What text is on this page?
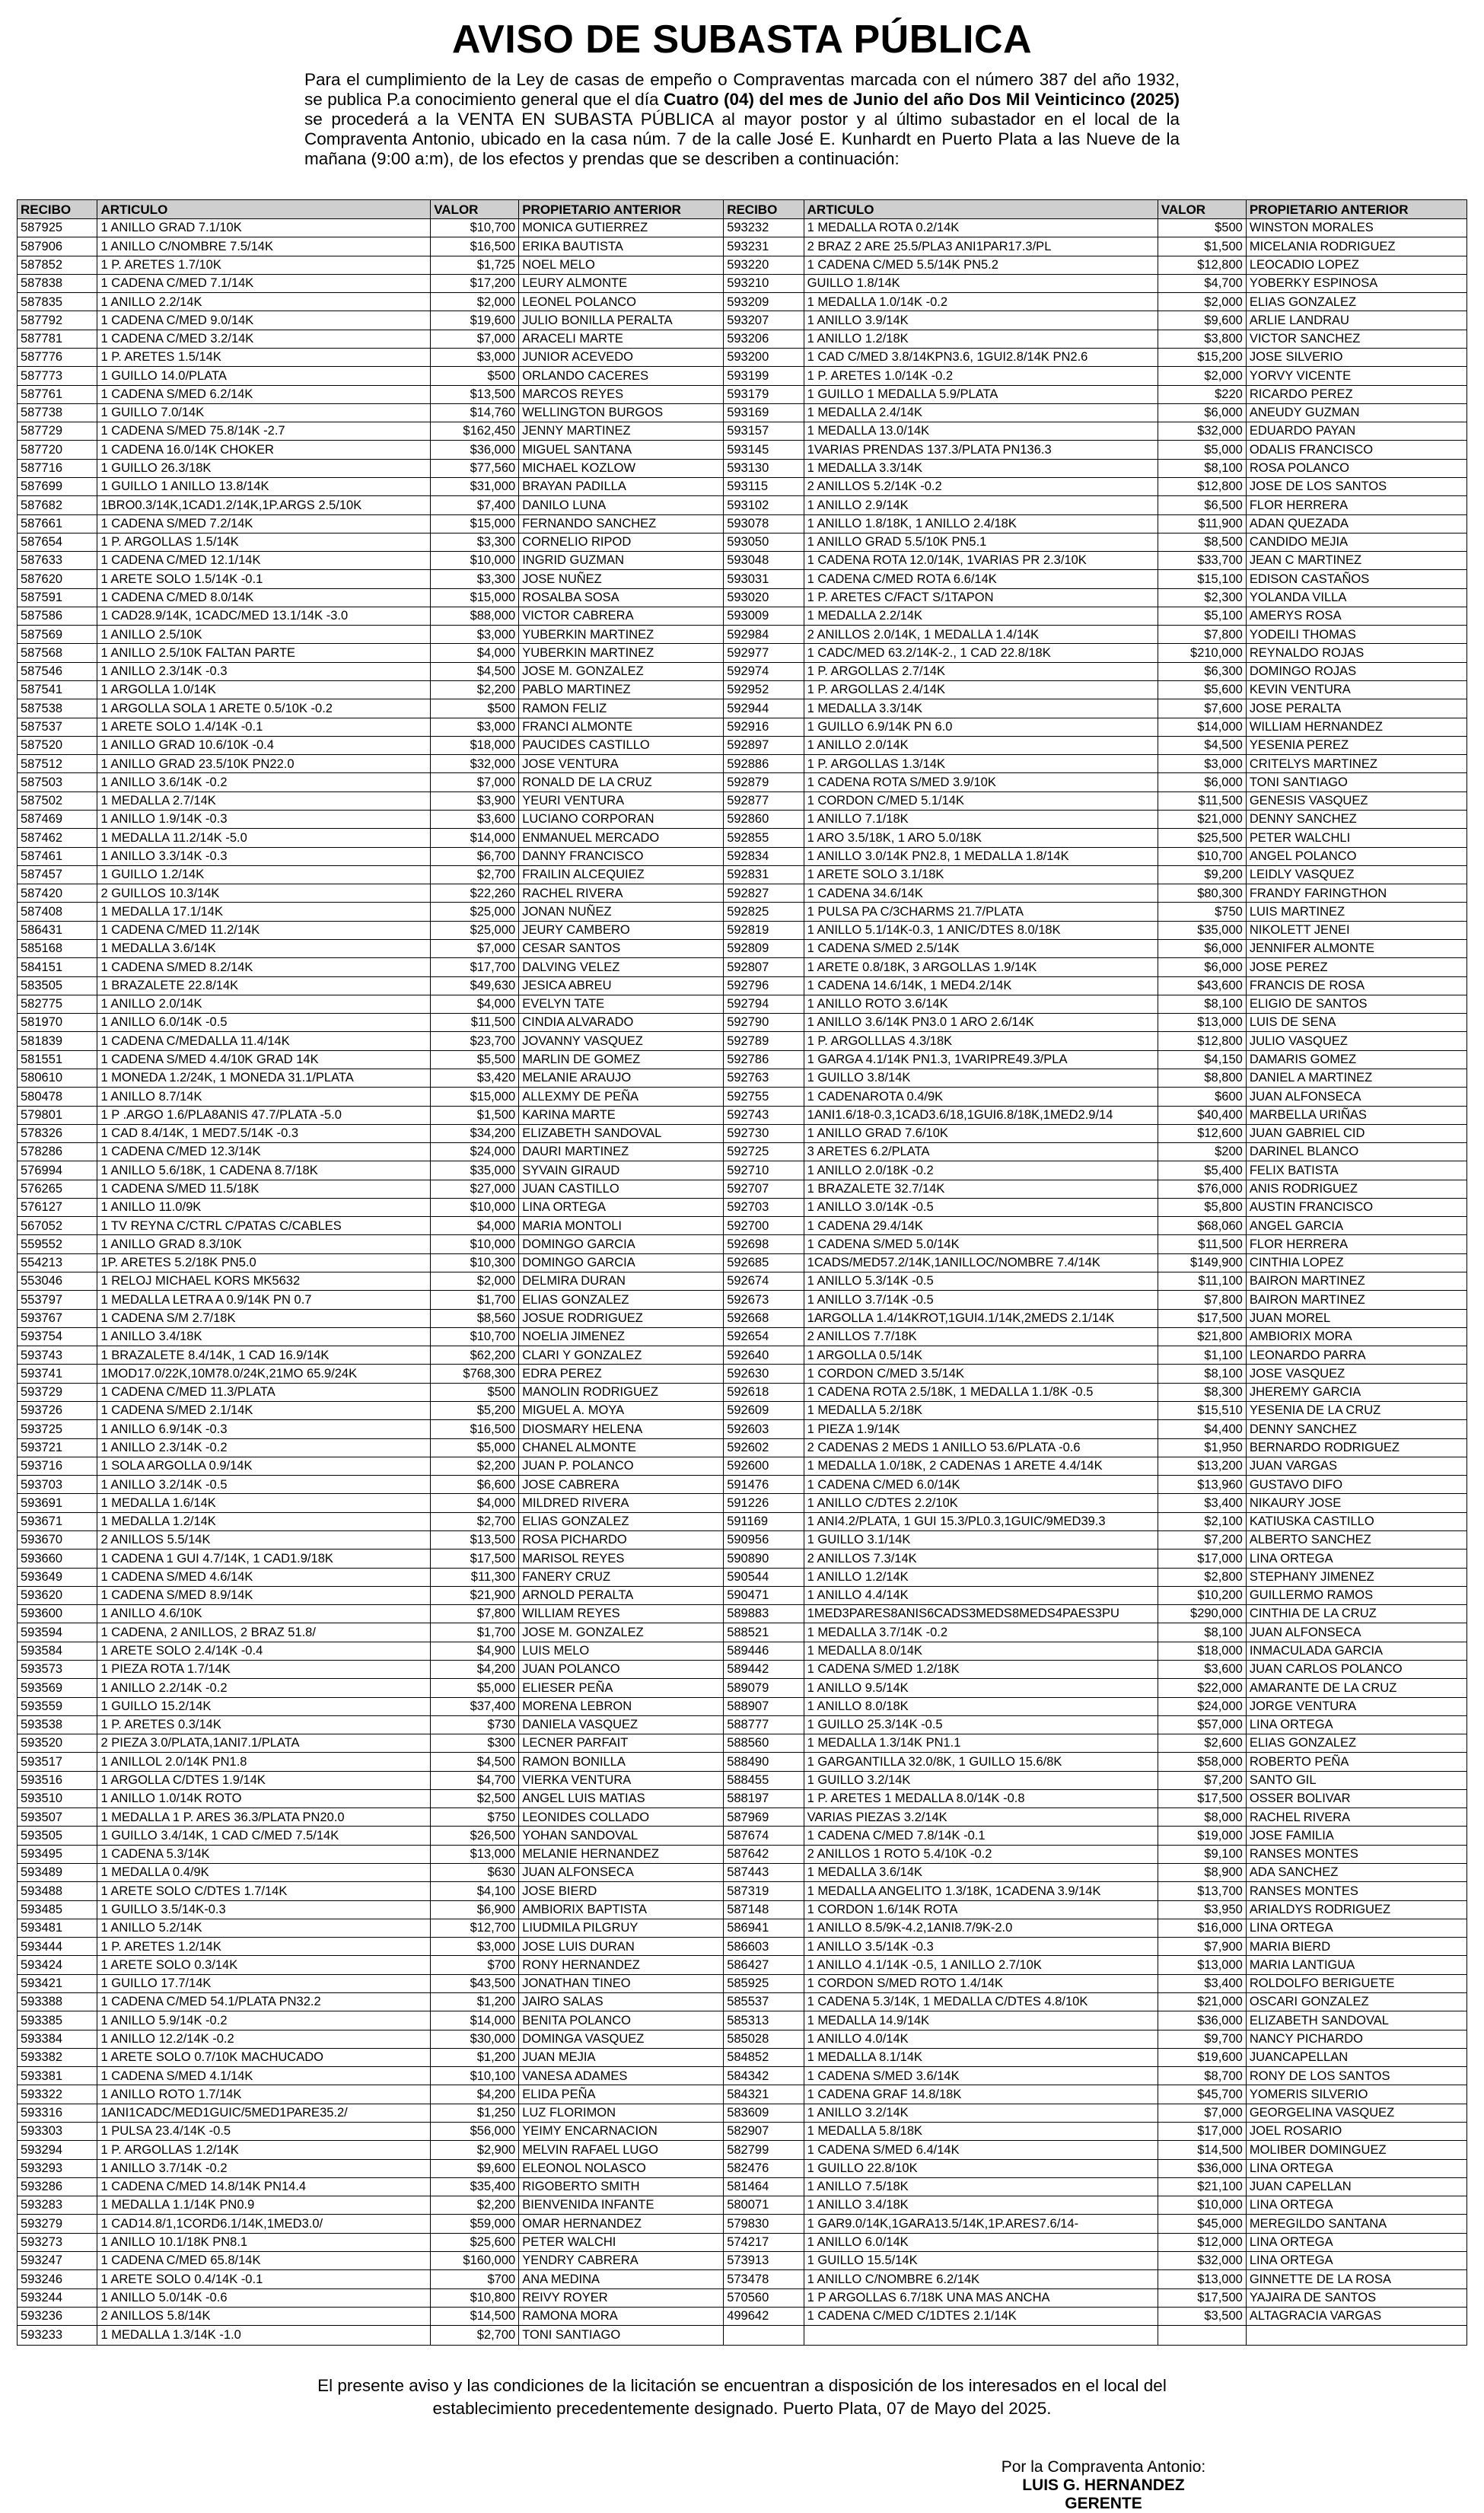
AVISO DE SUBASTA PÚBLICA
Para el cumplimiento de la Ley de casas de empeño o Compraventas marcada con el número 387 del año 1932, se publica P.a conocimiento general que el día Cuatro (04) del mes de Junio del año Dos Mil Veinticinco (2025) se procederá a la VENTA EN SUBASTA PÚBLICA al mayor postor y al último subastador en el local de la Compraventa Antonio, ubicado en la casa núm. 7 de la calle José E. Kunhardt en Puerto Plata a las Nueve de la mañana (9:00 a:m), de los efectos y prendas que se describen a continuación:
RECIBO	ARTICULO	VALOR	PROPIETARIO ANTERIOR	RECIBO	ARTICULO	VALOR	PROPIETARIO ANTERIOR
587925	1 ANILLO GRAD 7.1/10K	$10,700	MONICA GUTIERREZ	593232	1 MEDALLA ROTA 0.2/14K	$500	WINSTON MORALES
587906	1 ANILLO C/NOMBRE 7.5/14K	$16,500	ERIKA BAUTISTA	593231	2 BRAZ 2 ARE 25.5/PLA3 ANI1PAR17.3/PL	$1,500	MICELANIA RODRIGUEZ
587852	1 P. ARETES 1.7/10K	$1,725	NOEL MELO	593220	1 CADENA C/MED 5.5/14K PN5.2	$12,800	LEOCADIO LOPEZ
587838	1 CADENA C/MED 7.1/14K	$17,200	LEURY ALMONTE	593210	GUILLO 1.8/14K	$4,700	YOBERKY ESPINOSA
587835	1 ANILLO 2.2/14K	$2,000	LEONEL POLANCO	593209	1 MEDALLA 1.0/14K -0.2	$2,000	ELIAS GONZALEZ
587792	1 CADENA C/MED 9.0/14K	$19,600	JULIO BONILLA PERALTA	593207	1 ANILLO 3.9/14K	$9,600	ARLIE LANDRAU
587781	1 CADENA C/MED 3.2/14K	$7,000	ARACELI MARTE	593206	1 ANILLO 1.2/18K	$3,800	VICTOR SANCHEZ
587776	1 P. ARETES 1.5/14K	$3,000	JUNIOR ACEVEDO	593200	1 CAD C/MED 3.8/14KPN3.6, 1GUI2.8/14K PN2.6	$15,200	JOSE SILVERIO
587773	1 GUILLO 14.0/PLATA	$500	ORLANDO CACERES	593199	1 P. ARETES 1.0/14K -0.2	$2,000	YORVY VICENTE
587761	1 CADENA S/MED 6.2/14K	$13,500	MARCOS REYES	593179	1 GUILLO 1 MEDALLA 5.9/PLATA	$220	RICARDO PEREZ
587738	1 GUILLO 7.0/14K	$14,760	WELLINGTON BURGOS	593169	1 MEDALLA 2.4/14K	$6,000	ANEUDY GUZMAN
587729	1 CADENA S/MED 75.8/14K -2.7	$162,450	JENNY MARTINEZ	593157	1 MEDALLA 13.0/14K	$32,000	EDUARDO PAYAN
587720	1 CADENA 16.0/14K CHOKER	$36,000	MIGUEL SANTANA	593145	1VARIAS PRENDAS 137.3/PLATA PN136.3	$5,000	ODALIS FRANCISCO
587716	1 GUILLO 26.3/18K	$77,560	MICHAEL KOZLOW	593130	1 MEDALLA 3.3/14K	$8,100	ROSA POLANCO
587699	1 GUILLO 1 ANILLO 13.8/14K	$31,000	BRAYAN PADILLA	593115	2 ANILLOS 5.2/14K -0.2	$12,800	JOSE DE LOS SANTOS
587682	1BRO0.3/14K,1CAD1.2/14K,1P.ARGS 2.5/10K	$7,400	DANILO LUNA	593102	1 ANILLO 2.9/14K	$6,500	FLOR HERRERA
587661	1 CADENA S/MED 7.2/14K	$15,000	FERNANDO SANCHEZ	593078	1 ANILLO 1.8/18K, 1 ANILLO 2.4/18K	$11,900	ADAN QUEZADA
587654	1 P. ARGOLLAS 1.5/14K	$3,300	CORNELIO RIPOD	593050	1 ANILLO GRAD 5.5/10K PN5.1	$8,500	CANDIDO MEJIA
587633	1 CADENA C/MED 12.1/14K	$10,000	INGRID GUZMAN	593048	1 CADENA ROTA 12.0/14K, 1VARIAS PR 2.3/10K	$33,700	JEAN C MARTINEZ
587620	1 ARETE SOLO 1.5/14K -0.1	$3,300	JOSE NUÑEZ	593031	1 CADENA C/MED ROTA 6.6/14K	$15,100	EDISON CASTAÑOS
587591	1 CADENA C/MED 8.0/14K	$15,000	ROSALBA SOSA	593020	1 P. ARETES C/FACT S/1TAPON	$2,300	YOLANDA VILLA
587586	1 CAD28.9/14K, 1CADC/MED 13.1/14K -3.0	$88,000	VICTOR CABRERA	593009	1 MEDALLA 2.2/14K	$5,100	AMERYS ROSA
587569	1 ANILLO 2.5/10K	$3,000	YUBERKIN MARTINEZ	592984	2 ANILLOS 2.0/14K, 1 MEDALLA 1.4/14K	$7,800	YODEILI THOMAS
587568	1 ANILLO 2.5/10K FALTAN PARTE	$4,000	YUBERKIN MARTINEZ	592977	1 CADC/MED 63.2/14K-2., 1 CAD 22.8/18K	$210,000	REYNALDO ROJAS
587546	1 ANILLO 2.3/14K -0.3	$4,500	JOSE M. GONZALEZ	592974	1 P. ARGOLLAS 2.7/14K	$6,300	DOMINGO ROJAS
587541	1 ARGOLLA 1.0/14K	$2,200	PABLO MARTINEZ	592952	1 P. ARGOLLAS 2.4/14K	$5,600	KEVIN VENTURA
587538	1 ARGOLLA SOLA 1 ARETE 0.5/10K -0.2	$500	RAMON FELIZ	592944	1 MEDALLA 3.3/14K	$7,600	JOSE PERALTA
587537	1 ARETE SOLO 1.4/14K -0.1	$3,000	FRANCI ALMONTE	592916	1 GUILLO 6.9/14K PN 6.0	$14,000	WILLIAM HERNANDEZ
587520	1 ANILLO GRAD 10.6/10K -0.4	$18,000	PAUCIDES CASTILLO	592897	1 ANILLO 2.0/14K	$4,500	YESENIA PEREZ
587512	1 ANILLO GRAD 23.5/10K PN22.0	$32,000	JOSE VENTURA	592886	1 P. ARGOLLAS 1.3/14K	$3,000	CRITELYS MARTINEZ
587503	1 ANILLO 3.6/14K -0.2	$7,000	RONALD DE LA CRUZ	592879	1 CADENA ROTA S/MED 3.9/10K	$6,000	TONI SANTIAGO
587502	1 MEDALLA 2.7/14K	$3,900	YEURI VENTURA	592877	1 CORDON C/MED 5.1/14K	$11,500	GENESIS VASQUEZ
587469	1 ANILLO 1.9/14K -0.3	$3,600	LUCIANO CORPORAN	592860	1 ANILLO 7.1/18K	$21,000	DENNY SANCHEZ
587462	1 MEDALLA 11.2/14K -5.0	$14,000	ENMANUEL MERCADO	592855	1 ARO 3.5/18K, 1 ARO 5.0/18K	$25,500	PETER WALCHLI
587461	1 ANILLO 3.3/14K -0.3	$6,700	DANNY FRANCISCO	592834	1 ANILLO 3.0/14K PN2.8, 1 MEDALLA 1.8/14K	$10,700	ANGEL POLANCO
587457	1 GUILLO 1.2/14K	$2,700	FRAILIN ALCEQUIEZ	592831	1 ARETE SOLO 3.1/18K	$9,200	LEIDLY VASQUEZ
587420	2 GUILLOS 10.3/14K	$22,260	RACHEL RIVERA	592827	1 CADENA 34.6/14K	$80,300	FRANDY FARINGTHON
587408	1 MEDALLA 17.1/14K	$25,000	JONAN NUÑEZ	592825	1 PULSA PA C/3CHARMS 21.7/PLATA	$750	LUIS MARTINEZ
586431	1 CADENA C/MED 11.2/14K	$25,000	JEURY CAMBERO	592819	1 ANILLO 5.1/14K-0.3, 1 ANIC/DTES 8.0/18K	$35,000	NIKOLETT JENEI
585168	1 MEDALLA 3.6/14K	$7,000	CESAR SANTOS	592809	1 CADENA S/MED 2.5/14K	$6,000	JENNIFER ALMONTE
584151	1 CADENA S/MED 8.2/14K	$17,700	DALVING VELEZ	592807	1 ARETE 0.8/18K, 3 ARGOLLAS 1.9/14K	$6,000	JOSE PEREZ
583505	1 BRAZALETE 22.8/14K	$49,630	JESICA ABREU	592796	1 CADENA 14.6/14K, 1 MED4.2/14K	$43,600	FRANCIS DE ROSA
582775	1 ANILLO 2.0/14K	$4,000	EVELYN TATE	592794	1 ANILLO ROTO 3.6/14K	$8,100	ELIGIO DE SANTOS
581970	1 ANILLO 6.0/14K -0.5	$11,500	CINDIA ALVARADO	592790	1 ANILLO 3.6/14K PN3.0 1 ARO 2.6/14K	$13,000	LUIS DE SENA
581839	1 CADENA C/MEDALLA 11.4/14K	$23,700	JOVANNY VASQUEZ	592789	1 P. ARGOLLLAS 4.3/18K	$12,800	JULIO VASQUEZ
581551	1 CADENA S/MED 4.4/10K GRAD 14K	$5,500	MARLIN DE GOMEZ	592786	1 GARGA 4.1/14K PN1.3, 1VARIPRE49.3/PLA	$4,150	DAMARIS GOMEZ
580610	1 MONEDA 1.2/24K, 1 MONEDA 31.1/PLATA	$3,420	MELANIE ARAUJO	592763	1 GUILLO 3.8/14K	$8,800	DANIEL A MARTINEZ
580478	1 ANILLO 8.7/14K	$15,000	ALLEXMY DE PEÑA	592755	1 CADENAROTA 0.4/9K	$600	JUAN ALFONSECA
579801	1 P .ARGO 1.6/PLA8ANIS 47.7/PLATA -5.0	$1,500	KARINA MARTE	592743	1ANI1.6/18-0.3,1CAD3.6/18,1GUI6.8/18K,1MED2.9/14	$40,400	MARBELLA URIÑAS
578326	1 CAD 8.4/14K, 1 MED7.5/14K -0.3	$34,200	ELIZABETH SANDOVAL	592730	1 ANILLO GRAD 7.6/10K	$12,600	JUAN GABRIEL CID
578286	1 CADENA C/MED 12.3/14K	$24,000	DAURI MARTINEZ	592725	3 ARETES 6.2/PLATA	$200	DARINEL BLANCO
576994	1 ANILLO 5.6/18K, 1 CADENA 8.7/18K	$35,000	SYVAIN GIRAUD	592710	1 ANILLO 2.0/18K -0.2	$5,400	FELIX BATISTA
576265	1 CADENA S/MED 11.5/18K	$27,000	JUAN CASTILLO	592707	1 BRAZALETE 32.7/14K	$76,000	ANIS RODRIGUEZ
576127	1 ANILLO 11.0/9K	$10,000	LINA ORTEGA	592703	1 ANILLO 3.0/14K -0.5	$5,800	AUSTIN FRANCISCO
567052	1 TV REYNA C/CTRL C/PATAS C/CABLES	$4,000	MARIA MONTOLI	592700	1 CADENA 29.4/14K	$68,060	ANGEL GARCIA
559552	1 ANILLO GRAD 8.3/10K	$10,000	DOMINGO GARCIA	592698	1 CADENA S/MED 5.0/14K	$11,500	FLOR HERRERA
554213	1P. ARETES 5.2/18K PN5.0	$10,300	DOMINGO GARCIA	592685	1CADS/MED57.2/14K,1ANILLOC/NOMBRE 7.4/14K	$149,900	CINTHIA LOPEZ
553046	1 RELOJ MICHAEL KORS MK5632	$2,000	DELMIRA DURAN	592674	1 ANILLO 5.3/14K -0.5	$11,100	BAIRON MARTINEZ
553797	1 MEDALLA LETRA A 0.9/14K PN 0.7	$1,700	ELIAS GONZALEZ	592673	1 ANILLO 3.7/14K -0.5	$7,800	BAIRON MARTINEZ
593767	1 CADENA S/M 2.7/18K	$8,560	JOSUE RODRIGUEZ	592668	1ARGOLLA 1.4/14KROT,1GUI4.1/14K,2MEDS 2.1/14K	$17,500	JUAN MOREL
593754	1 ANILLO 3.4/18K	$10,700	NOELIA JIMENEZ	592654	2 ANILLOS 7.7/18K	$21,800	AMBIORIX MORA
593743	1 BRAZALETE 8.4/14K, 1 CAD 16.9/14K	$62,200	CLARI Y GONZALEZ	592640	1 ARGOLLA 0.5/14K	$1,100	LEONARDO PARRA
593741	1MOD17.0/22K,10M78.0/24K,21MO 65.9/24K	$768,300	EDRA PEREZ	592630	1 CORDON C/MED 3.5/14K	$8,100	JOSE VASQUEZ
593729	1 CADENA C/MED 11.3/PLATA	$500	MANOLIN RODRIGUEZ	592618	1 CADENA ROTA 2.5/18K, 1 MEDALLA 1.1/8K -0.5	$8,300	JHEREMY GARCIA
593726	1 CADENA S/MED 2.1/14K	$5,200	MIGUEL A. MOYA	592609	1 MEDALLA 5.2/18K	$15,510	YESENIA DE LA CRUZ
593725	1 ANILLO 6.9/14K -0.3	$16,500	DIOSMARY HELENA	592603	1 PIEZA 1.9/14K	$4,400	DENNY SANCHEZ
593721	1 ANILLO 2.3/14K -0.2	$5,000	CHANEL ALMONTE	592602	2 CADENAS 2 MEDS 1 ANILLO 53.6/PLATA -0.6	$1,950	BERNARDO RODRIGUEZ
593716	1 SOLA ARGOLLA 0.9/14K	$2,200	JUAN P. POLANCO	592600	1 MEDALLA 1.0/18K, 2 CADENAS 1 ARETE 4.4/14K	$13,200	JUAN VARGAS
593703	1 ANILLO 3.2/14K -0.5	$6,600	JOSE CABRERA	591476	1 CADENA C/MED 6.0/14K	$13,960	GUSTAVO DIFO
593691	1 MEDALLA 1.6/14K	$4,000	MILDRED RIVERA	591226	1 ANILLO C/DTES 2.2/10K	$3,400	NIKAURY JOSE
593671	1 MEDALLA 1.2/14K	$2,700	ELIAS GONZALEZ	591169	1 ANI4.2/PLATA, 1 GUI 15.3/PL0.3,1GUIC/9MED39.3	$2,100	KATIUSKA CASTILLO
593670	2 ANILLOS 5.5/14K	$13,500	ROSA PICHARDO	590956	1 GUILLO 3.1/14K	$7,200	ALBERTO SANCHEZ
593660	1 CADENA 1 GUI 4.7/14K, 1 CAD1.9/18K	$17,500	MARISOL REYES	590890	2 ANILLOS 7.3/14K	$17,000	LINA ORTEGA
593649	1 CADENA S/MED 4.6/14K	$11,300	FANERY CRUZ	590544	1 ANILLO 1.2/14K	$2,800	STEPHANY JIMENEZ
593620	1 CADENA S/MED 8.9/14K	$21,900	ARNOLD PERALTA	590471	1 ANILLO 4.4/14K	$10,200	GUILLERMO RAMOS
593600	1 ANILLO 4.6/10K	$7,800	WILLIAM REYES	589883	1MED3PARES8ANIS6CADS3MEDS8MEDS4PAES3PU	$290,000	CINTHIA DE LA CRUZ
593594	1 CADENA, 2 ANILLOS, 2 BRAZ 51.8/	$1,700	JOSE M. GONZALEZ	588521	1 MEDALLA 3.7/14K -0.2	$8,100	JUAN ALFONSECA
593584	1 ARETE SOLO 2.4/14K -0.4	$4,900	LUIS MELO	589446	1 MEDALLA 8.0/14K	$18,000	INMACULADA GARCIA
593573	1 PIEZA ROTA 1.7/14K	$4,200	JUAN POLANCO	589442	1 CADENA S/MED 1.2/18K	$3,600	JUAN CARLOS POLANCO
593569	1 ANILLO 2.2/14K -0.2	$5,000	ELIESER PEÑA	589079	1 ANILLO 9.5/14K	$22,000	AMARANTE DE LA CRUZ
593559	1 GUILLO 15.2/14K	$37,400	MORENA LEBRON	588907	1 ANILLO 8.0/18K	$24,000	JORGE VENTURA
593538	1 P. ARETES 0.3/14K	$730	DANIELA VASQUEZ	588777	1 GUILLO 25.3/14K -0.5	$57,000	LINA ORTEGA
593520	2 PIEZA 3.0/PLATA,1ANI7.1/PLATA	$300	LECNER PARFAIT	588560	1 MEDALLA 1.3/14K PN1.1	$2,600	ELIAS GONZALEZ
593517	1 ANILLOL 2.0/14K PN1.8	$4,500	RAMON BONILLA	588490	1 GARGANTILLA 32.0/8K, 1 GUILLO 15.6/8K	$58,000	ROBERTO PEÑA
593516	1 ARGOLLA C/DTES 1.9/14K	$4,700	VIERKA VENTURA	588455	1 GUILLO 3.2/14K	$7,200	SANTO GIL
593510	1 ANILLO 1.0/14K ROTO	$2,500	ANGEL LUIS MATIAS	588197	1 P. ARETES 1 MEDALLA 8.0/14K -0.8	$17,500	OSSER BOLIVAR
593507	1 MEDALLA 1 P. ARES 36.3/PLATA PN20.0	$750	LEONIDES COLLADO	587969	VARIAS PIEZAS 3.2/14K	$8,000	RACHEL RIVERA
593505	1 GUILLO 3.4/14K, 1 CAD C/MED 7.5/14K	$26,500	YOHAN SANDOVAL	587674	1 CADENA C/MED 7.8/14K -0.1	$19,000	JOSE FAMILIA
593495	1 CADENA 5.3/14K	$13,000	MELANIE HERNANDEZ	587642	2 ANILLOS 1 ROTO 5.4/10K -0.2	$9,100	RANSES MONTES
593489	1 MEDALLA 0.4/9K	$630	JUAN ALFONSECA	587443	1 MEDALLA 3.6/14K	$8,900	ADA SANCHEZ
593488	1 ARETE SOLO C/DTES 1.7/14K	$4,100	JOSE BIERD	587319	1 MEDALLA ANGELITO 1.3/18K, 1CADENA 3.9/14K	$13,700	RANSES MONTES
593485	1 GUILLO 3.5/14K-0.3	$6,900	AMBIORIX BAPTISTA	587148	1 CORDON 1.6/14K ROTA	$3,950	ARIALDYS RODRIGUEZ
593481	1 ANILLO 5.2/14K	$12,700	LIUDMILA PILGRUY	586941	1 ANILLO 8.5/9K-4.2,1ANI8.7/9K-2.0	$16,000	LINA ORTEGA
593444	1 P. ARETES 1.2/14K	$3,000	JOSE LUIS DURAN	586603	1 ANILLO 3.5/14K -0.3	$7,900	MARIA BIERD
593424	1 ARETE SOLO 0.3/14K	$700	RONY HERNANDEZ	586427	1 ANILLO 4.1/14K -0.5, 1 ANILLO 2.7/10K	$13,000	MARIA LANTIGUA
593421	1 GUILLO 17.7/14K	$43,500	JONATHAN TINEO	585925	1 CORDON S/MED ROTO 1.4/14K	$3,400	ROLDOLFO BERIGUETE
593388	1 CADENA C/MED 54.1/PLATA PN32.2	$1,200	JAIRO SALAS	585537	1 CADENA 5.3/14K, 1 MEDALLA C/DTES 4.8/10K	$21,000	OSCARI GONZALEZ
593385	1 ANILLO 5.9/14K -0.2	$14,000	BENITA POLANCO	585313	1 MEDALLA 14.9/14K	$36,000	ELIZABETH SANDOVAL
593384	1 ANILLO 12.2/14K -0.2	$30,000	DOMINGA VASQUEZ	585028	1 ANILLO 4.0/14K	$9,700	NANCY PICHARDO
593382	1 ARETE SOLO 0.7/10K MACHUCADO	$1,200	JUAN MEJIA	584852	1 MEDALLA 8.1/14K	$19,600	JUANCAPELLAN
593381	1 CADENA S/MED 4.1/14K	$10,100	VANESA ADAMES	584342	1 CADENA S/MED 3.6/14K	$8,700	RONY DE LOS SANTOS
593322	1 ANILLO ROTO 1.7/14K	$4,200	ELIDA PEÑA	584321	1 CADENA GRAF 14.8/18K	$45,700	YOMERIS SILVERIO
593316	1ANI1CADC/MED1GUIC/5MED1PARE35.2/	$1,250	LUZ FLORIMON	583609	1 ANILLO 3.2/14K	$7,000	GEORGELINA VASQUEZ
593303	1 PULSA 23.4/14K -0.5	$56,000	YEIMY ENCARNACION	582907	1 MEDALLA 5.8/18K	$17,000	JOEL ROSARIO
593294	1 P. ARGOLLAS 1.2/14K	$2,900	MELVIN RAFAEL LUGO	582799	1 CADENA S/MED 6.4/14K	$14,500	MOLIBER DOMINGUEZ
593293	1 ANILLO 3.7/14K -0.2	$9,600	ELEONOL NOLASCO	582476	1 GUILLO 22.8/10K	$36,000	LINA ORTEGA
593286	1 CADENA C/MED 14.8/14K PN14.4	$35,400	RIGOBERTO SMITH	581464	1 ANILLO 7.5/18K	$21,100	JUAN CAPELLAN
593283	1 MEDALLA 1.1/14K PN0.9	$2,200	BIENVENIDA INFANTE	580071	1 ANILLO 3.4/18K	$10,000	LINA ORTEGA
593279	1 CAD14.8/1,1CORD6.1/14K,1MED3.0/	$59,000	OMAR HERNANDEZ	579830	1 GAR9.0/14K,1GARA13.5/14K,1P.ARES7.6/14-	$45,000	MEREGILDO SANTANA
593273	1 ANILLO 10.1/18K PN8.1	$25,600	PETER WALCHI	574217	1 ANILLO 6.0/14K	$12,000	LINA ORTEGA
593247	1 CADENA C/MED 65.8/14K	$160,000	YENDRY CABRERA	573913	1 GUILLO 15.5/14K	$32,000	LINA ORTEGA
593246	1 ARETE SOLO 0.4/14K -0.1	$700	ANA MEDINA	573478	1 ANILLO C/NOMBRE 6.2/14K	$13,000	GINNETTE DE LA ROSA
593244	1 ANILLO 5.0/14K -0.6	$10,800	REIVY ROYER	570560	1 P ARGOLLAS 6.7/18K UNA MAS ANCHA	$17,500	YAJAIRA DE SANTOS
593236	2 ANILLOS 5.8/14K	$14,500	RAMONA MORA	499642	1 CADENA C/MED C/1DTES 2.1/14K	$3,500	ALTAGRACIA VARGAS
593233	1 MEDALLA 1.3/14K -1.0	$2,700	TONI SANTIAGO				
El presente aviso y las condiciones de la licitación se encuentran a disposición de los interesados en el local del establecimiento precedentemente designado. Puerto Plata, 07 de Mayo del 2025.
Por la Compraventa Antonio:
LUIS G. HERNANDEZ
GERENTE
